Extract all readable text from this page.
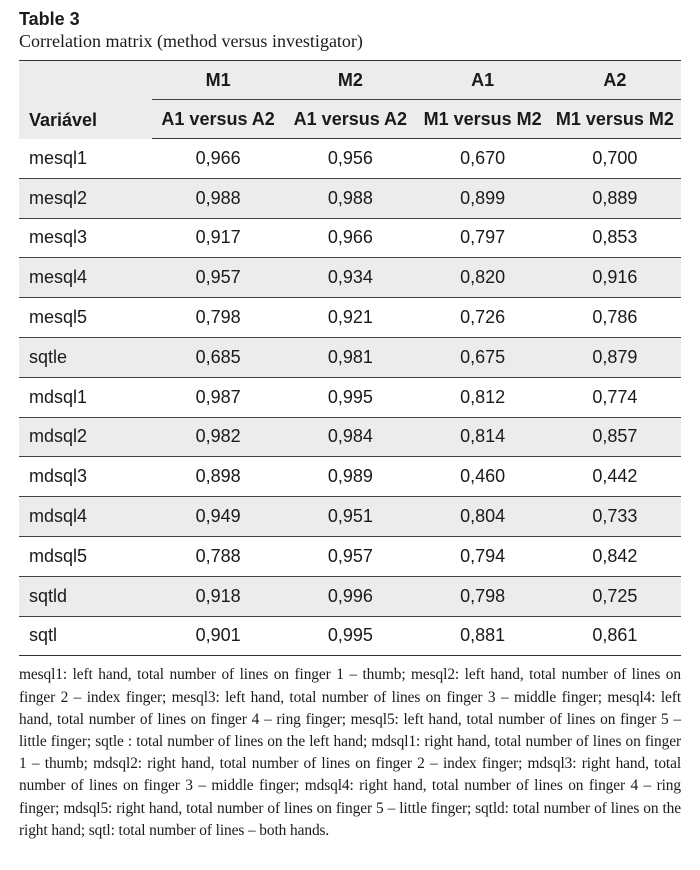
Table 3
Correlation matrix (method versus investigator)
Variável	M1	M2	A1	A2
	A1 versus A2	A1 versus A2	M1 versus M2	M1 versus M2
mesql1	0,966	0,956	0,670	0,700
mesql2	0,988	0,988	0,899	0,889
mesql3	0,917	0,966	0,797	0,853
mesql4	0,957	0,934	0,820	0,916
mesql5	0,798	0,921	0,726	0,786
sqtle	0,685	0,981	0,675	0,879
mdsql1	0,987	0,995	0,812	0,774
mdsql2	0,982	0,984	0,814	0,857
mdsql3	0,898	0,989	0,460	0,442
mdsql4	0,949	0,951	0,804	0,733
mdsql5	0,788	0,957	0,794	0,842
sqtld	0,918	0,996	0,798	0,725
sqtl	0,901	0,995	0,881	0,861
mesql1: left hand, total number of lines on finger 1 – thumb; mesql2: left hand, total number of lines on finger 2 – index finger; mesql3: left hand, total number of lines on finger 3 – middle finger; mesql4: left hand, total number of lines on finger 4 – ring finger; mesql5: left hand, total number of lines on finger 5 – little finger; sqtle : total number of lines on the left hand; mdsql1: right hand, total number of lines on finger 1 – thumb; mdsql2: right hand, total number of lines on finger 2 – index finger; mdsql3: right hand, total number of lines on finger 3 – middle finger; mdsql4: right hand, total number of lines on finger 4 – ring finger; mdsql5: right hand, total number of lines on finger 5 – little finger; sqtld: total number of lines on the right hand; sqtl: total number of lines – both hands.
